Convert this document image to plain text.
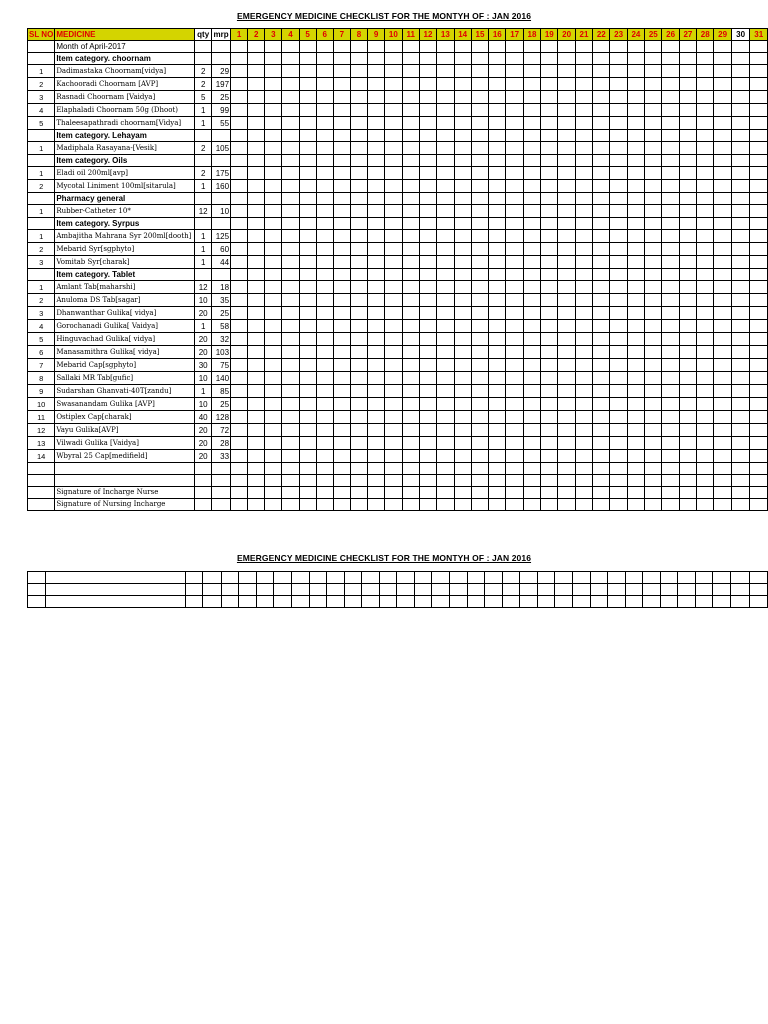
EMERGENCY MEDICINE CHECKLIST FOR THE MONTYH OF : JAN 2016
SL NO	MEDICINE	qty	mrp	1	2	3	4	5	6	7	8	9	10	11	12	13	14	15	16	17	18	19	20	21	22	23	24	25	26	27	28	29	30	31
	Month of April-2017																																	
	Item category. choornam																																	
1	Dadimastaka Choornam[vidya]	2	29																															
2	Kachooradi Choornam [AVP]	2	197																															
3	Rasnadi Choornam [Vaidya]	5	25																															
4	Elaphaladi Choornam 50g (Dhoot)	1	99																															
5	Thaleesapathradi choornam[Vidya]	1	55																															
	Item category. Lehayam																																	
1	Madiphala Rasayana-[Vesik]	2	105																															
	Item category. Oils																																	
1	Eladi oil 200ml[avp]	2	175																															
2	Mycotal Liniment 100ml[sitarula]	1	160																															
	Pharmacy general																																	
1	Rubber-Catheter 10*	12	10																															
	Item category. Syrpus																																	
1	Ambajitha Mahrana Syr 200ml[dooth]	1	125																															
2	Mebarid Syr[sgphyto]	1	60																															
3	Vomitab Syr[charak]	1	44																															
	Item category. Tablet																																	
1	Amlant Tab[maharshi]	12	18																															
2	Anuloma DS Tab[sagar]	10	35																															
3	Dhanwanthar Gulika[ vidya]	20	25																															
4	Gorochanadi Gulika[ Vaidya]	1	58																															
5	Hinguvachad Gulika[ vidya]	20	32																															
6	Manasamithra Gulika[ vidya]	20	103																															
7	Mebarid Cap[sgphyto]	30	75																															
8	Sallaki MR Tab[gufic]	10	140																															
9	Sudarshan Ghanvati-40T[zandu]	1	85																															
10	Swasanandam Gulika [AVP]	10	25																															
11	Ostiplex Cap[charak]	40	128																															
12	Vayu Gulika[AVP]	20	72																															
13	Vilwadi Gulika [Vaidya]	20	28																															
14	Wbyral 25 Cap[medifield]	20	33																															

	Signature of Incharge Nurse																																	
	Signature of Nursing Incharge																																	
EMERGENCY MEDICINE CHECKLIST FOR THE MONTYH OF : JAN 2016
